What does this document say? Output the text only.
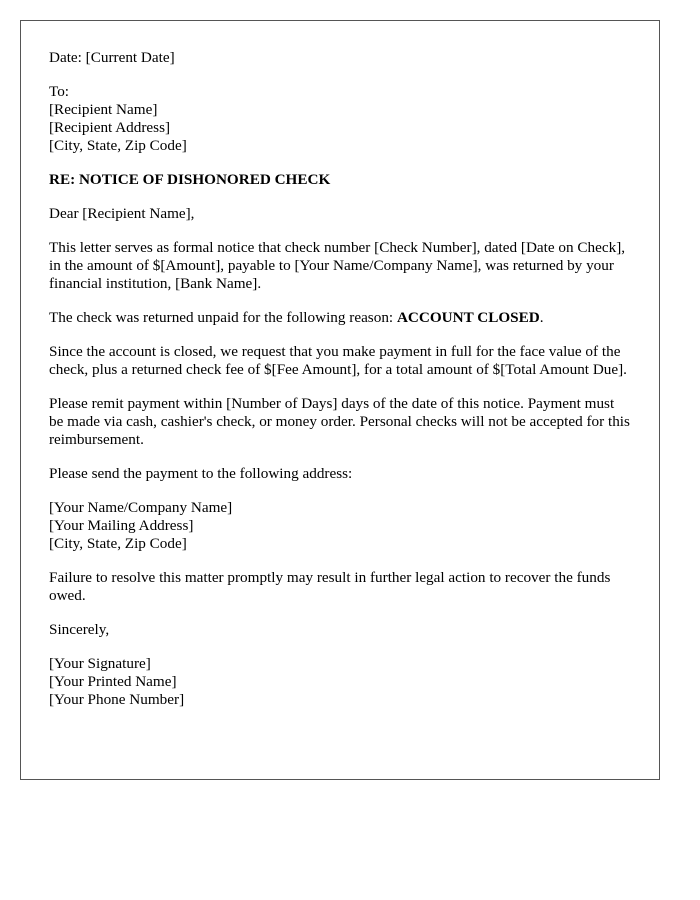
Date: [Current Date]

To:
[Recipient Name]
[Recipient Address]
[City, State, Zip Code]

RE: NOTICE OF DISHONORED CHECK

Dear [Recipient Name],

This letter serves as formal notice that check number [Check Number], dated [Date on Check], in the amount of $[Amount], payable to [Your Name/Company Name], was returned by your financial institution, [Bank Name].

The check was returned unpaid for the following reason: ACCOUNT CLOSED.

Since the account is closed, we request that you make payment in full for the face value of the check, plus a returned check fee of $[Fee Amount], for a total amount of $[Total Amount Due].

Please remit payment within [Number of Days] days of the date of this notice. Payment must be made via cash, cashier's check, or money order. Personal checks will not be accepted for this reimbursement.

Please send the payment to the following address:

[Your Name/Company Name]
[Your Mailing Address]
[City, State, Zip Code]

Failure to resolve this matter promptly may result in further legal action to recover the funds owed.

Sincerely,

[Your Signature]
[Your Printed Name]
[Your Phone Number]
